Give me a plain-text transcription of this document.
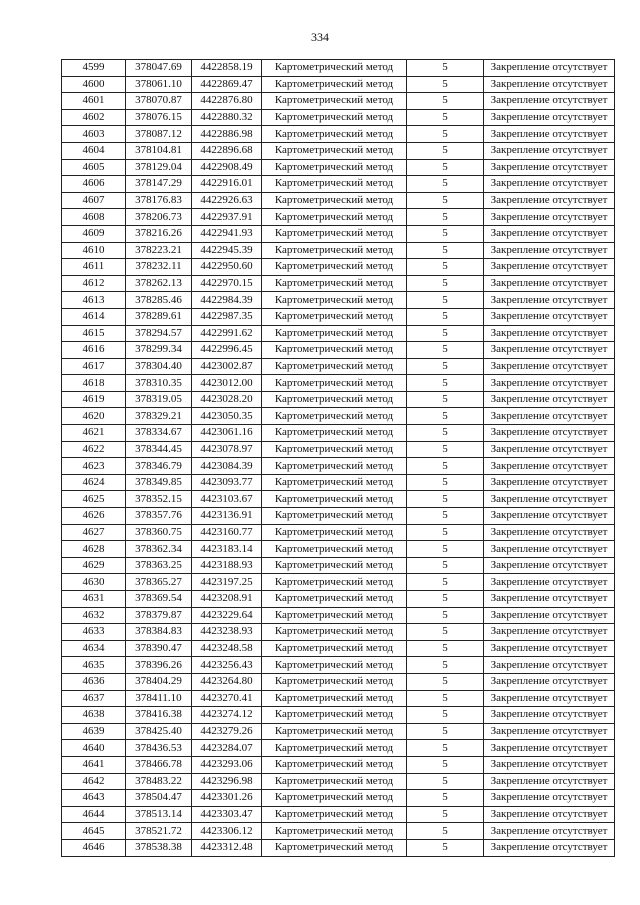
334
4599	378047.69	4422858.19	Картометрический метод	5	Закрепление отсутствует
4600	378061.10	4422869.47	Картометрический метод	5	Закрепление отсутствует
4601	378070.87	4422876.80	Картометрический метод	5	Закрепление отсутствует
4602	378076.15	4422880.32	Картометрический метод	5	Закрепление отсутствует
4603	378087.12	4422886.98	Картометрический метод	5	Закрепление отсутствует
4604	378104.81	4422896.68	Картометрический метод	5	Закрепление отсутствует
4605	378129.04	4422908.49	Картометрический метод	5	Закрепление отсутствует
4606	378147.29	4422916.01	Картометрический метод	5	Закрепление отсутствует
4607	378176.83	4422926.63	Картометрический метод	5	Закрепление отсутствует
4608	378206.73	4422937.91	Картометрический метод	5	Закрепление отсутствует
4609	378216.26	4422941.93	Картометрический метод	5	Закрепление отсутствует
4610	378223.21	4422945.39	Картометрический метод	5	Закрепление отсутствует
4611	378232.11	4422950.60	Картометрический метод	5	Закрепление отсутствует
4612	378262.13	4422970.15	Картометрический метод	5	Закрепление отсутствует
4613	378285.46	4422984.39	Картометрический метод	5	Закрепление отсутствует
4614	378289.61	4422987.35	Картометрический метод	5	Закрепление отсутствует
4615	378294.57	4422991.62	Картометрический метод	5	Закрепление отсутствует
4616	378299.34	4422996.45	Картометрический метод	5	Закрепление отсутствует
4617	378304.40	4423002.87	Картометрический метод	5	Закрепление отсутствует
4618	378310.35	4423012.00	Картометрический метод	5	Закрепление отсутствует
4619	378319.05	4423028.20	Картометрический метод	5	Закрепление отсутствует
4620	378329.21	4423050.35	Картометрический метод	5	Закрепление отсутствует
4621	378334.67	4423061.16	Картометрический метод	5	Закрепление отсутствует
4622	378344.45	4423078.97	Картометрический метод	5	Закрепление отсутствует
4623	378346.79	4423084.39	Картометрический метод	5	Закрепление отсутствует
4624	378349.85	4423093.77	Картометрический метод	5	Закрепление отсутствует
4625	378352.15	4423103.67	Картометрический метод	5	Закрепление отсутствует
4626	378357.76	4423136.91	Картометрический метод	5	Закрепление отсутствует
4627	378360.75	4423160.77	Картометрический метод	5	Закрепление отсутствует
4628	378362.34	4423183.14	Картометрический метод	5	Закрепление отсутствует
4629	378363.25	4423188.93	Картометрический метод	5	Закрепление отсутствует
4630	378365.27	4423197.25	Картометрический метод	5	Закрепление отсутствует
4631	378369.54	4423208.91	Картометрический метод	5	Закрепление отсутствует
4632	378379.87	4423229.64	Картометрический метод	5	Закрепление отсутствует
4633	378384.83	4423238.93	Картометрический метод	5	Закрепление отсутствует
4634	378390.47	4423248.58	Картометрический метод	5	Закрепление отсутствует
4635	378396.26	4423256.43	Картометрический метод	5	Закрепление отсутствует
4636	378404.29	4423264.80	Картометрический метод	5	Закрепление отсутствует
4637	378411.10	4423270.41	Картометрический метод	5	Закрепление отсутствует
4638	378416.38	4423274.12	Картометрический метод	5	Закрепление отсутствует
4639	378425.40	4423279.26	Картометрический метод	5	Закрепление отсутствует
4640	378436.53	4423284.07	Картометрический метод	5	Закрепление отсутствует
4641	378466.78	4423293.06	Картометрический метод	5	Закрепление отсутствует
4642	378483.22	4423296.98	Картометрический метод	5	Закрепление отсутствует
4643	378504.47	4423301.26	Картометрический метод	5	Закрепление отсутствует
4644	378513.14	4423303.47	Картометрический метод	5	Закрепление отсутствует
4645	378521.72	4423306.12	Картометрический метод	5	Закрепление отсутствует
4646	378538.38	4423312.48	Картометрический метод	5	Закрепление отсутствует
